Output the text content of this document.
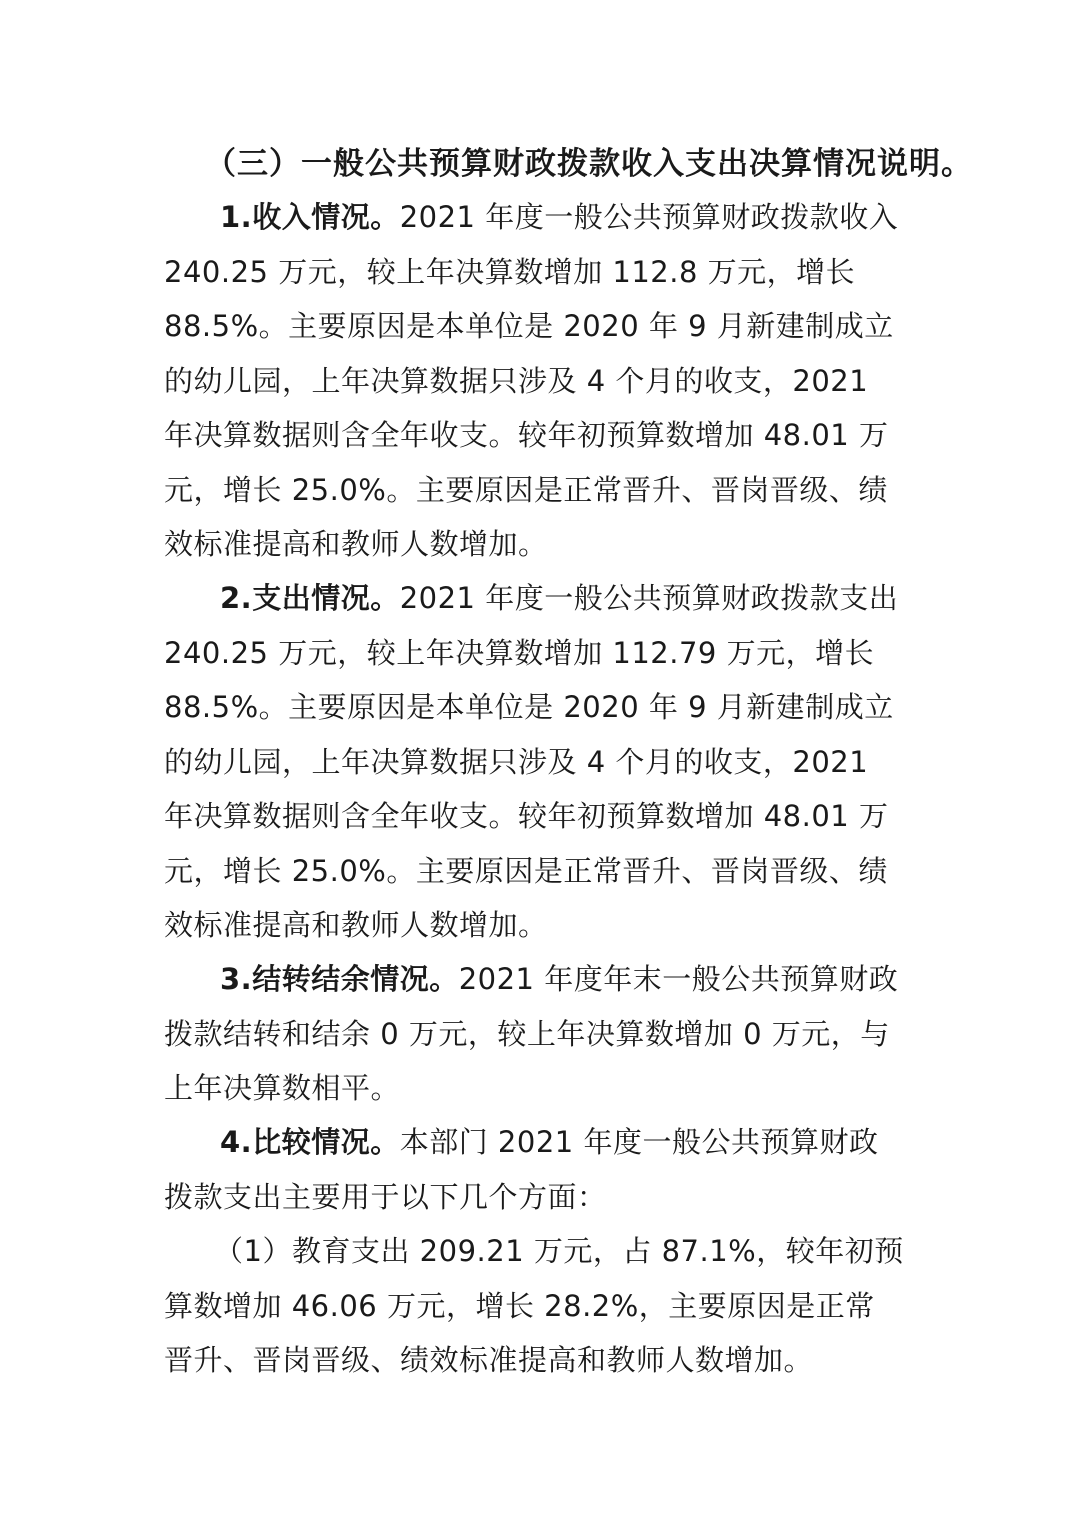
（三）一般公共预算财政拨款收入支出决算情况说明。

1.收入情况。2021 年度一般公共预算财政拨款收入 240.25 万元，较上年决算数增加 112.8 万元，增长 88.5%。主要原因是本单位是 2020 年 9 月新建制成立的幼儿园，上年决算数据只涉及 4 个月的收支，2021 年决算数据则含全年收支。较年初预算数增加 48.01 万元，增长 25.0%。主要原因是正常晋升、晋岗晋级、绩效标准提高和教师人数增加。

2.支出情况。2021 年度一般公共预算财政拨款支出 240.25 万元，较上年决算数增加 112.79 万元，增长 88.5%。主要原因是本单位是 2020 年 9 月新建制成立的幼儿园，上年决算数据只涉及 4 个月的收支，2021 年决算数据则含全年收支。较年初预算数增加 48.01 万元，增长 25.0%。主要原因是正常晋升、晋岗晋级、绩效标准提高和教师人数增加。

3.结转结余情况。2021 年度年末一般公共预算财政拨款结转和结余 0 万元，较上年决算数增加 0 万元，与上年决算数相平。

4.比较情况。本部门 2021 年度一般公共预算财政拨款支出主要用于以下几个方面：

（1）教育支出 209.21 万元，占 87.1%，较年初预算数增加 46.06 万元，增长 28.2%，主要原因是正常晋升、晋岗晋级、绩效标准提高和教师人数增加。
